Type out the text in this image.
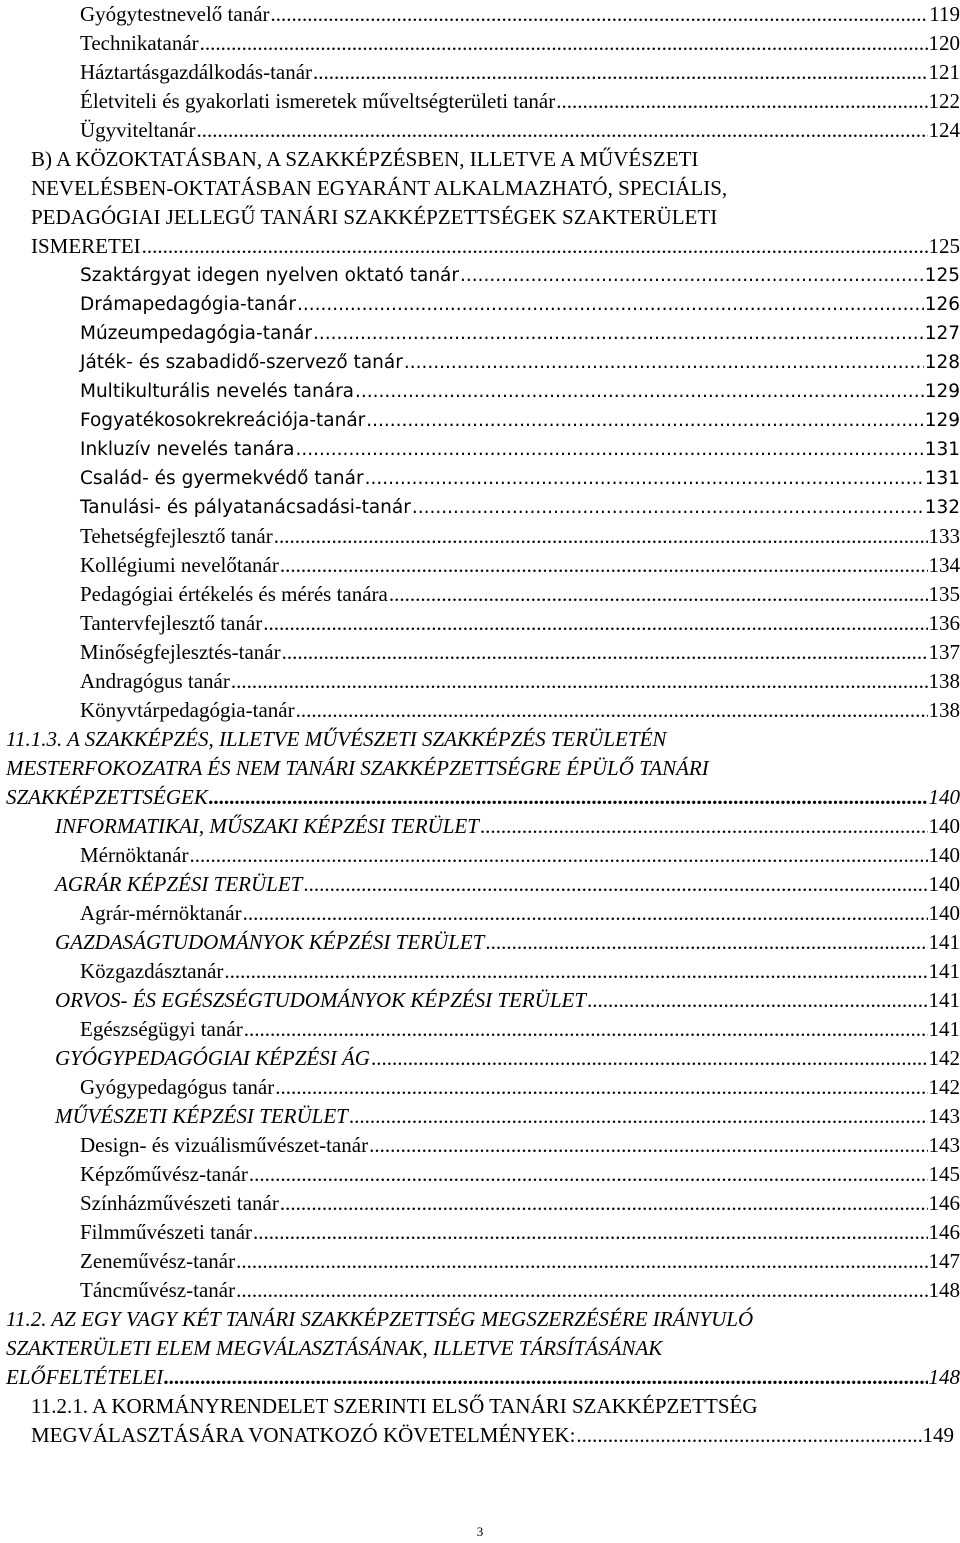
Gyógytestnevelő tanár .....	119
Technikatanár .....	120
Háztartásgazdálkodás-tanár .....	121
Életviteli és gyakorlati ismeretek műveltségterületi tanár .....	122
Ügyviteltanár .....	124
B) A KÖZOKTATÁSBAN, A SZAKKÉPZÉSBEN, ILLETVE A MŰVÉSZETI
NEVELÉSBEN-OKTATÁSBAN EGYARÁNT ALKALMAZHATÓ, SPECIÁLIS,
PEDAGÓGIAI JELLEGŰ TANÁRI SZAKKÉPZETTSÉGEK SZAKTERÜLETI
ISMERETEI .....	125
Szaktárgyat idegen nyelven oktató tanár .....	125
Drámapedagógia-tanár .....	126
Múzeumpedagógia-tanár .....	127
Játék- és szabadidő-szervező tanár .....	128
Multikulturális nevelés tanára .....	129
Fogyatékosokrekreációja-tanár .....	129
Inkluzív nevelés tanára .....	131
Család- és gyermekvédő tanár .....	131
Tanulási- és pályatanácsadási-tanár .....	132
Tehetségfejlesztő tanár .....	133
Kollégiumi nevelőtanár .....	134
Pedagógiai értékelés és mérés tanára .....	135
Tantervfejlesztő tanár .....	136
Minőségfejlesztés-tanár .....	137
Andragógus tanár .....	138
Könyvtárpedagógia-tanár .....	138
11.1.3. A SZAKKÉPZÉS, ILLETVE MŰVÉSZETI SZAKKÉPZÉS TERÜLETÉN
MESTERFOKOZATRA ÉS NEM TANÁRI SZAKKÉPZETTSÉGRE ÉPÜLŐ TANÁRI
SZAKKÉPZETTSÉGEK .....	140
INFORMATIKAI, MŰSZAKI KÉPZÉSI TERÜLET .....	140
Mérnöktanár .....	140
AGRÁR KÉPZÉSI TERÜLET .....	140
Agrár-mérnöktanár .....	140
GAZDASÁGTUDOMÁNYOK KÉPZÉSI TERÜLET .....	141
Közgazdásztanár .....	141
ORVOS- ÉS EGÉSZSÉGTUDOMÁNYOK KÉPZÉSI TERÜLET .....	141
Egészségügyi tanár .....	141
GYÓGYPEDAGÓGIAI KÉPZÉSI ÁG .....	142
Gyógypedagógus tanár .....	142
MŰVÉSZETI KÉPZÉSI TERÜLET .....	143
Design- és vizuálisművészet-tanár .....	143
Képzőművész-tanár .....	145
Színházművészeti tanár .....	146
Filmművészeti tanár .....	146
Zeneművész-tanár .....	147
Táncművész-tanár .....	148
11.2. AZ EGY VAGY KÉT TANÁRI SZAKKÉPZETTSÉG MEGSZERZÉSÉRE IRÁNYULÓ
SZAKTERÜLETI ELEM MEGVÁLASZTÁSÁNAK, ILLETVE TÁRSÍTÁSÁNAK
ELŐFELTÉTELEI .....	148
11.2.1. A KORMÁNYRENDELET SZERINTI ELSŐ TANÁRI SZAKKÉPZETTSÉG
MEGVÁLASZTÁSÁRA VONATKOZÓ KÖVETELMÉNYEK: .....	149
3
